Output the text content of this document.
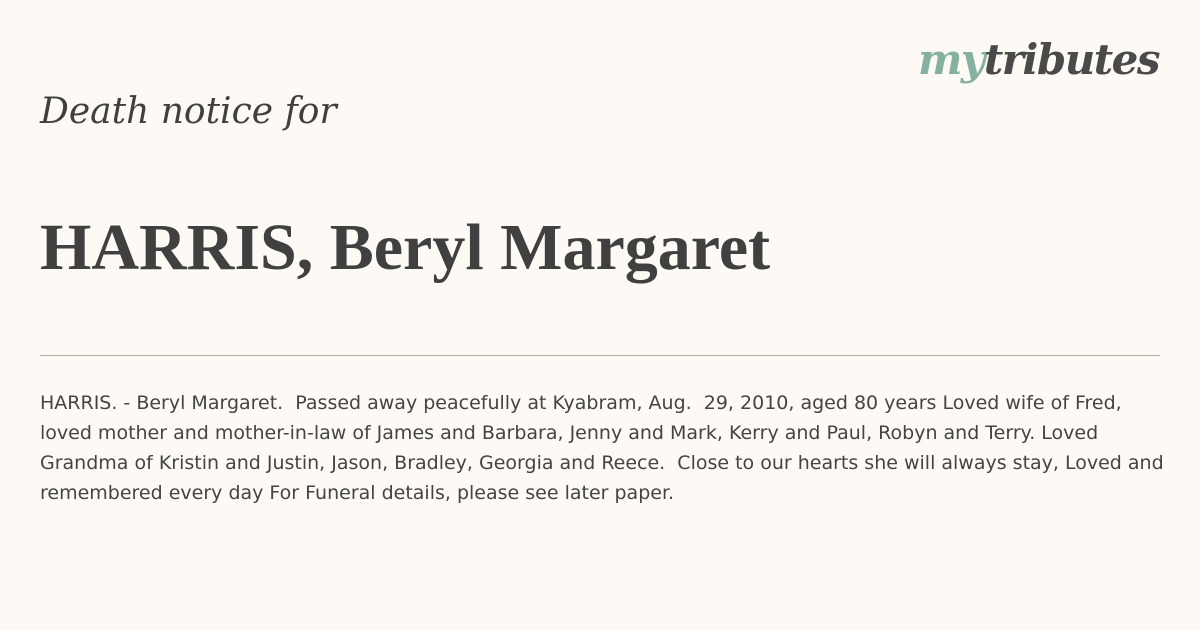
mytributes
Death notice for
HARRIS, Beryl Margaret
HARRIS. - Beryl Margaret.  Passed away peacefully at Kyabram, Aug.  29, 2010, aged 80 years Loved wife of Fred, loved mother and mother-in-law of James and Barbara, Jenny and Mark, Kerry and Paul, Robyn and Terry. Loved Grandma of Kristin and Justin, Jason, Bradley, Georgia and Reece.  Close to our hearts she will always stay, Loved and remembered every day For Funeral details, please see later paper.
